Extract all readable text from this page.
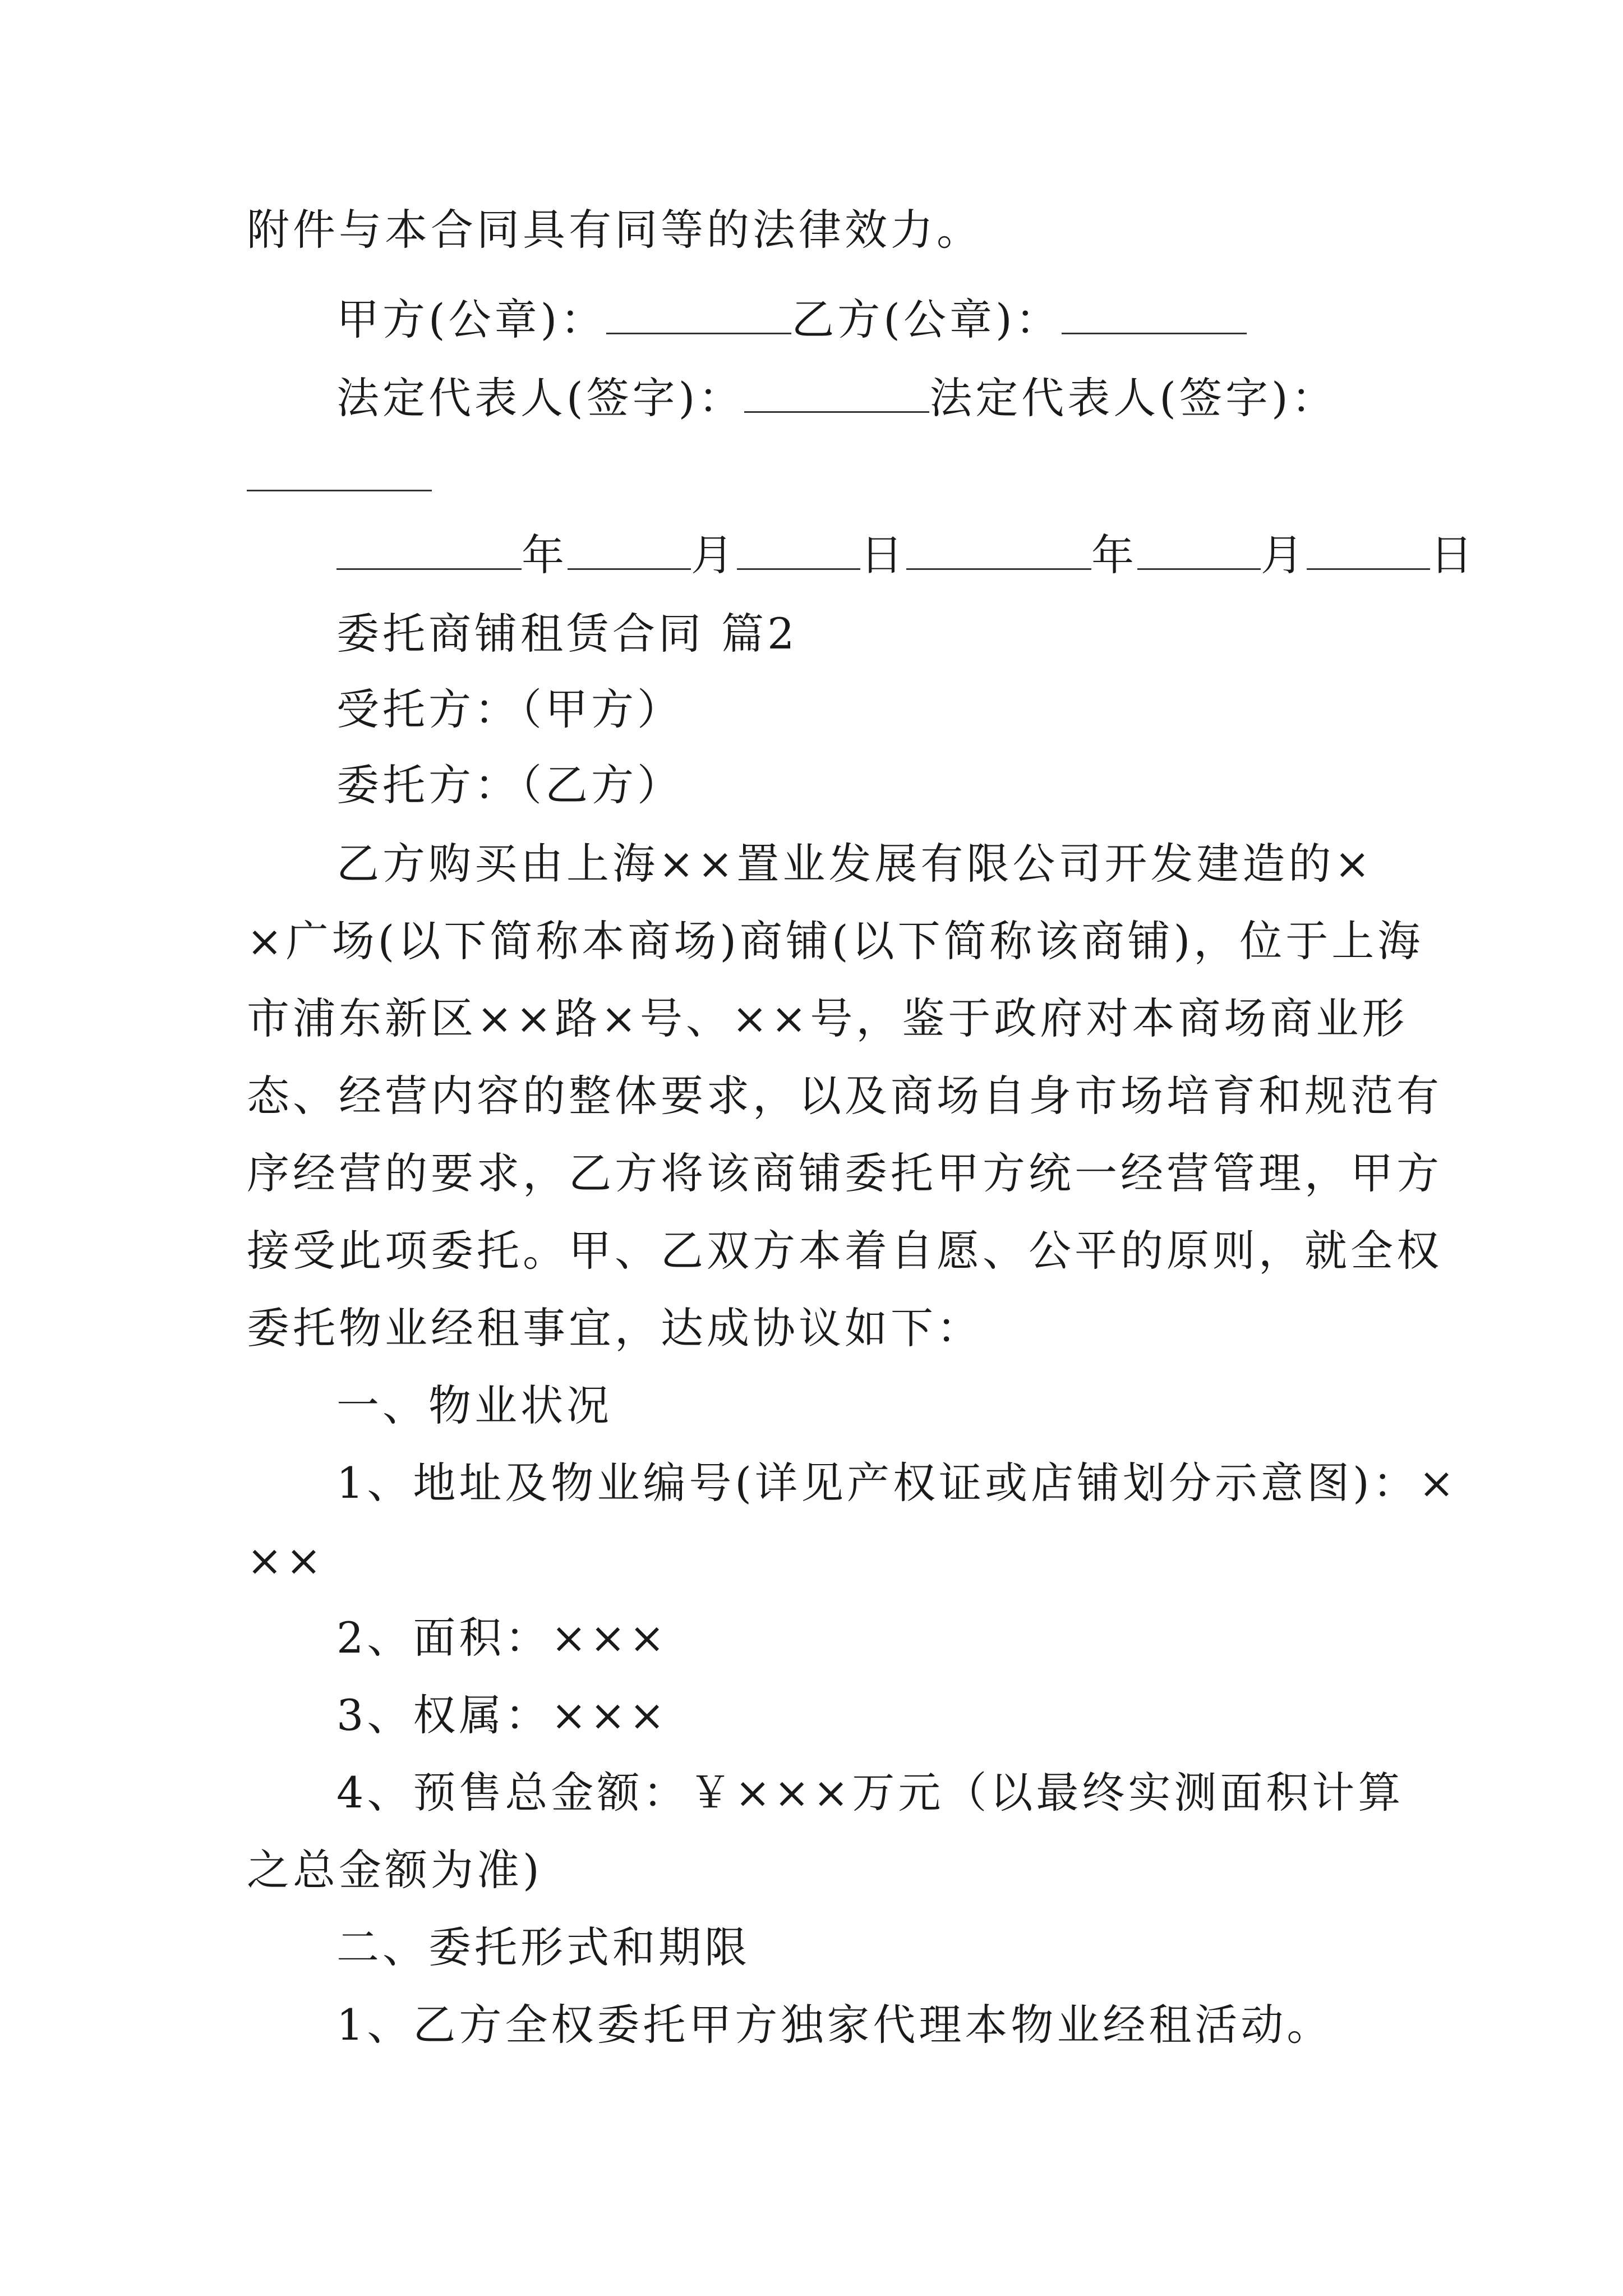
附件与本合同具有同等的法律效力。
甲方(公章)：	乙方(公章)：
法定代表人(签字)：	法定代表人(签字)：
年	月	日	年	月	日
委托商铺租赁合同 篇2
受托方：（甲方）
委托方：（乙方）
乙方购买由上海××置业发展有限公司开发建造的×
×广场(以下简称本商场)商铺(以下简称该商铺)，位于上海
市浦东新区××路×号、××号，鉴于政府对本商场商业形
态、经营内容的整体要求，以及商场自身市场培育和规范有
序经营的要求，乙方将该商铺委托甲方统一经营管理，甲方
接受此项委托。甲、乙双方本着自愿、公平的原则，就全权
委托物业经租事宜，达成协议如下：
一、物业状况
1、地址及物业编号(详见产权证或店铺划分示意图)：×
××
2、面积：×××
3、权属：×××
4、预售总金额：￥×××万元（以最终实测面积计算
之总金额为准)
二、委托形式和期限
1、乙方全权委托甲方独家代理本物业经租活动。
